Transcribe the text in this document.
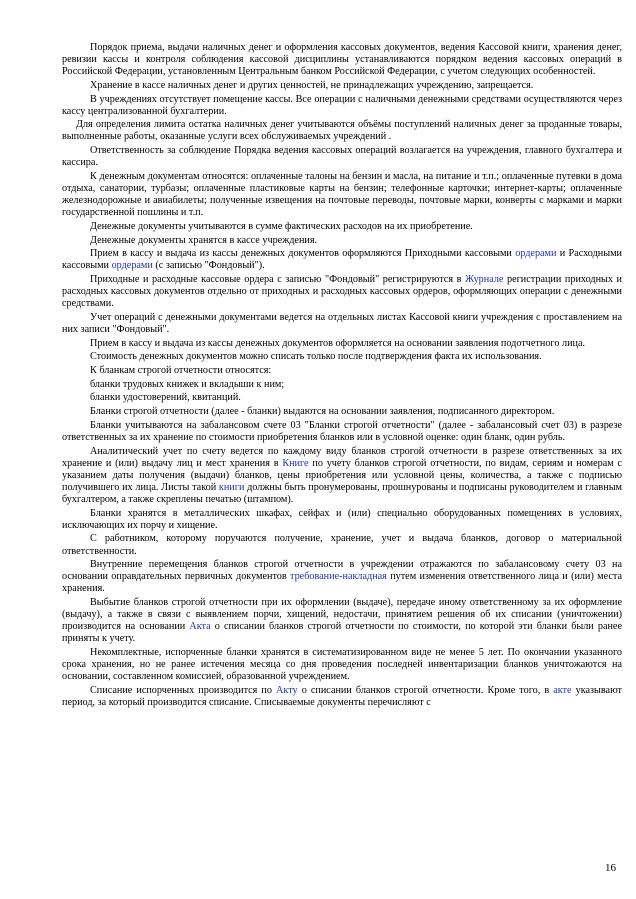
Порядок приема, выдачи наличных денег и оформления кассовых документов, ведения Кассовой книги, хранения денег, ревизии кассы и контроля соблюдения кассовой дисциплины устанавливаются порядком ведения кассовых операций в Российской Федерации, установленным Центральным банком Российской Федерации, с учетом следующих особенностей.

Хранение в кассе наличных денег и других ценностей, не принадлежащих учреждению, запрещается.

В учреждениях отсутствует помещение кассы. Все операции с наличными денежными средствами осуществляются через кассу централизованной бухгалтерии.

Для определения лимита остатка наличных денег учитываются объёмы поступлений наличных денег за проданные товары, выполненные работы, оказанные услуги всех обслуживаемых учреждений .

Ответственность за соблюдение Порядка ведения кассовых операций возлагается на учреждения, главного бухгалтера и кассира.

К денежным документам относятся: оплаченные талоны на бензин и масла, на питание и т.п.; оплаченные путевки в дома отдыха, санатории, турбазы; оплаченные пластиковые карты на бензин; телефонные карточки; интернет-карты; оплаченные железнодорожные и авиабилеты; полученные извещения на почтовые переводы, почтовые марки, конверты с марками и марки государственной пошлины и т.п.

Денежные документы учитываются в сумме фактических расходов на их приобретение.

Денежные документы хранятся в кассе учреждения.

Прием в кассу и выдача из кассы денежных документов оформляются Приходными кассовыми ордерами и Расходными кассовыми ордерами (с записью "Фондовый").

Приходные и расходные кассовые ордера с записью "Фондовый" регистрируются в Журнале регистрации приходных и расходных кассовых документов отдельно от приходных и расходных кассовых ордеров, оформляющих операции с денежными средствами.

Учет операций с денежными документами ведется на отдельных листах Кассовой книги учреждения с проставлением на них записи "Фондовый".

Прием в кассу и выдача из кассы денежных документов оформляется на основании заявления подотчетного лица.

Стоимость денежных документов можно списать только после подтверждения факта их использования.

К бланкам строгой отчетности относятся:

бланки трудовых книжек и вкладыши к ним;

бланки удостоверений, квитанций.

Бланки строгой отчетности (далее - бланки) выдаются на основании заявления, подписанного директором.

Бланки учитываются на забалансовом счете 03 "Бланки строгой отчетности" (далее - забалансовый счет 03) в разрезе ответственных за их хранение по стоимости приобретения бланков или в условной оценке: один бланк, один рубль.

Аналитический учет по счету ведется по каждому виду бланков строгой отчетности в разрезе ответственных за их хранение и (или) выдачу лиц и мест хранения в Книге по учету бланков строгой отчетности, по видам, сериям и номерам с указанием даты получения (выдачи) бланков, цены приобретения или условной цены, количества, а также с подписью получившего их лица. Листы такой книги должны быть пронумерованы, прошнурованы и подписаны руководителем и главным бухгалтером, а также скреплены печатью (штампом).

Бланки хранятся в металлических шкафах, сейфах и (или) специально оборудованных помещениях в условиях, исключающих их порчу и хищение.

С работником, которому поручаются получение, хранение, учет и выдача бланков, договор о материальной ответственности.

Внутренние перемещения бланков строгой отчетности в учреждении отражаются по забалансовому счету 03 на основании оправдательных первичных документов требование-накладная путем изменения ответственного лица и (или) места хранения.

Выбытие бланков строгой отчетности при их оформлении (выдаче), передаче иному ответственному за их оформление (выдачу), а также в связи с выявлением порчи, хищений, недостачи, принятием решения об их списании (уничтожении) производится на основании Акта о списании бланков строгой отчетности по стоимости, по которой эти бланки были ранее приняты к учету.

Некомплектные, испорченные бланки хранятся в систематизированном виде не менее 5 лет. По окончании указанного срока хранения, но не ранее истечения месяца со дня проведения последней инвентаризации бланков уничтожаются на основании, составленном комиссией, образованной учреждением.

Списание испорченных производится по Акту о списании бланков строгой отчетности. Кроме того, в акте указывают период, за который производится списание. Списываемые документы перечисляют с

16
